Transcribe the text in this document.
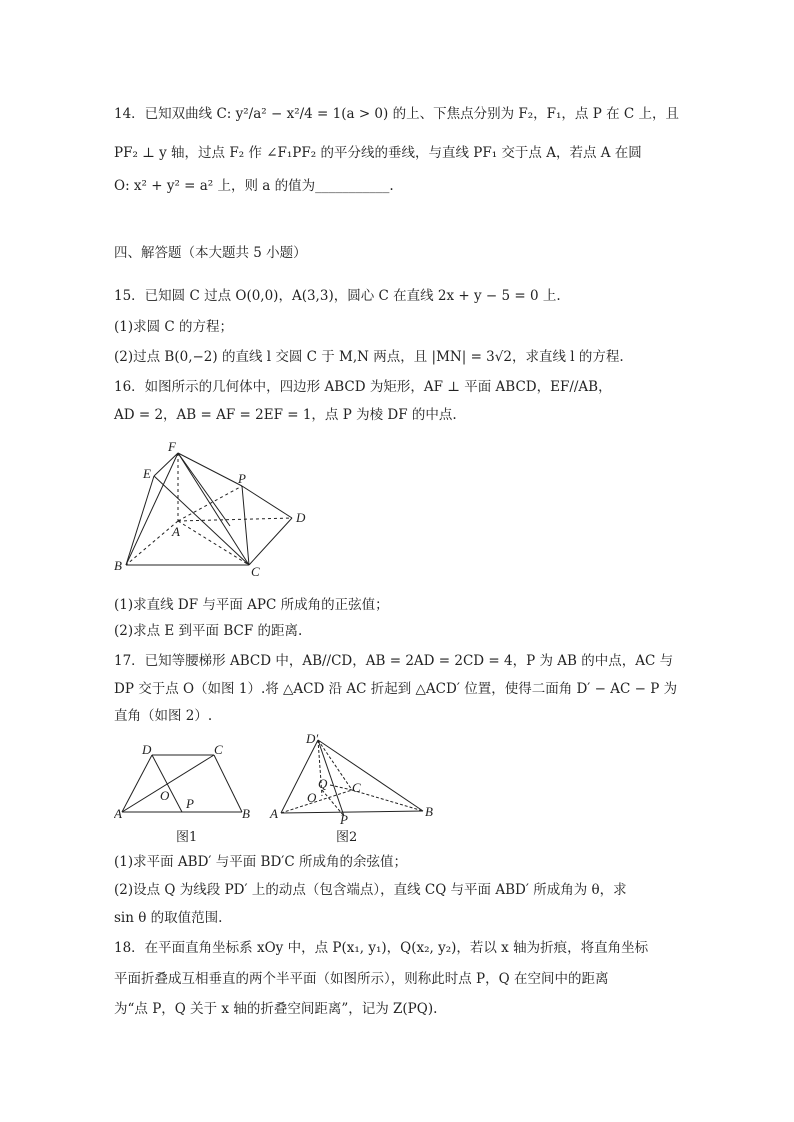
14．已知双曲线 C: y²/a² − x²/4 = 1(a > 0) 的上、下焦点分别为 F₂，F₁，点 P 在 C 上，且
PF₂ ⊥ y 轴，过点 F₂ 作 ∠F₁PF₂ 的平分线的垂线，与直线 PF₁ 交于点 A，若点 A 在圆
O: x² + y² = a² 上，则 a 的值为___________.
四、解答题（本大题共 5 小题）
15．已知圆 C 过点 O(0,0)，A(3,3)，圆心 C 在直线 2x + y − 5 = 0 上.
(1)求圆 C 的方程；
(2)过点 B(0,−2) 的直线 l 交圆 C 于 M,N 两点，且 |MN| = 3√2，求直线 l 的方程.
16．如图所示的几何体中，四边形 ABCD 为矩形，AF ⊥ 平面 ABCD，EF//AB，
AD = 2，AB = AF = 2EF = 1，点 P 为棱 DF 的中点.
F
E	P
A
D
B	C
(1)求直线 DF 与平面 APC 所成角的正弦值；
(2)求点 E 到平面 BCF 的距离.
17．已知等腰梯形 ABCD 中，AB//CD，AB = 2AD = 2CD = 4，P 为 AB 的中点，AC 与
DP 交于点 O（如图 1）.将 △ACD 沿 AC 折起到 △ACD′ 位置，使得二面角 D′ − AC − P 为
直角（如图 2）.
D	C
O
A
P
B
图1
D′
Q C
O
A	P
B
图2
(1)求平面 ABD′ 与平面 BD′C 所成角的余弦值；
(2)设点 Q 为线段 PD′ 上的动点（包含端点），直线 CQ 与平面 ABD′ 所成角为 θ，求
sin θ 的取值范围.
18．在平面直角坐标系 xOy 中，点 P(x₁, y₁)，Q(x₂, y₂)，若以 x 轴为折痕，将直角坐标
平面折叠成互相垂直的两个半平面（如图所示），则称此时点 P，Q 在空间中的距离
为“点 P，Q 关于 x 轴的折叠空间距离”，记为 Z(PQ).
